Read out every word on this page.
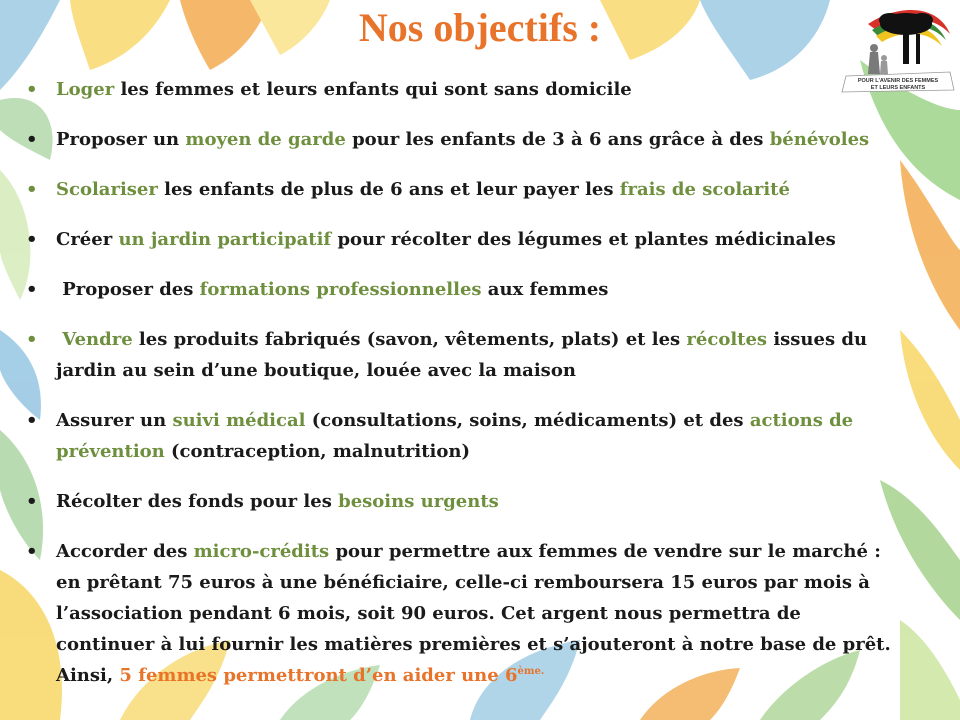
Nos objectifs :
POUR L'AVENIR DES FEMMES
ET LEURS ENFANTS
• Loger les femmes et leurs enfants qui sont sans domicile
• Proposer un moyen de garde pour les enfants de 3 à 6 ans grâce à des bénévoles
• Scolariser les enfants de plus de 6 ans et leur payer les frais de scolarité
• Créer un jardin participatif pour récolter des légumes et plantes médicinales
•  Proposer des formations professionnelles aux femmes
•  Vendre les produits fabriqués (savon, vêtements, plats) et les récoltes issues du jardin au sein d’une boutique, louée avec la maison
• Assurer un suivi médical (consultations, soins, médicaments) et des actions de prévention (contraception, malnutrition)
• Récolter des fonds pour les besoins urgents
• Accorder des micro-crédits pour permettre aux femmes de vendre sur le marché : en prêtant 75 euros à une bénéficiaire, celle-ci remboursera 15 euros par mois à l’association pendant 6 mois, soit 90 euros. Cet argent nous permettra de continuer à lui fournir les matières premières et s’ajouteront à notre base de prêt. Ainsi, 5 femmes permettront d’en aider une $6^{ème.}$
